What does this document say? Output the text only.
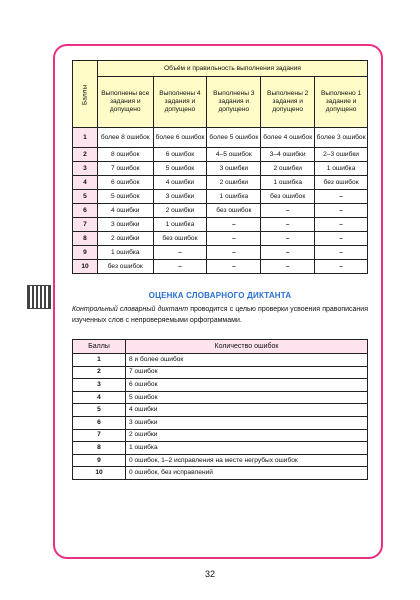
Баллы	Объём и правильность выполнения задания				
	Выполнены все задания и допущено	Выполнены 4 задания и допущено	Выполнены 3 задания и допущено	Выполнены 2 задания и допущено	Выполнено 1 задание и допущено
1	более 8 ошибок	более 6 ошибок	более 5 ошибок	более 4 ошибок	более 3 ошибок
2	8 ошибок	6 ошибок	4–5 ошибок	3–4 ошибки	2–3 ошибки
3	7 ошибок	5 ошибок	3 ошибки	2 ошибки	1 ошибка
4	6 ошибок	4 ошибки	2 ошибки	1 ошибка	без ошибок
5	5 ошибок	3 ошибки	1 ошибка	без ошибок	–
6	4 ошибки	2 ошибки	без ошибок	–	–
7	3 ошибки	1 ошибка	–	–	–
8	2 ошибки	без ошибок	–	–	–
9	1 ошибка	–	–	–	–
10	без ошибок	–	–	–	–
ОЦЕНКА СЛОВАРНОГО ДИКТАНТА
Контрольный словарный диктант проводится с целью проверки усвоения правописания изученных слов с непроверяемыми орфограммами.
Баллы	Количество ошибок
1	8 и более ошибок
2	7 ошибок
3	6 ошибок
4	5 ошибок
5	4 ошибки
6	3 ошибки
7	2 ошибки
8	1 ошибка
9	0 ошибок, 1–2 исправления на месте негрубых ошибок
10	0 ошибок, без исправлений
32
